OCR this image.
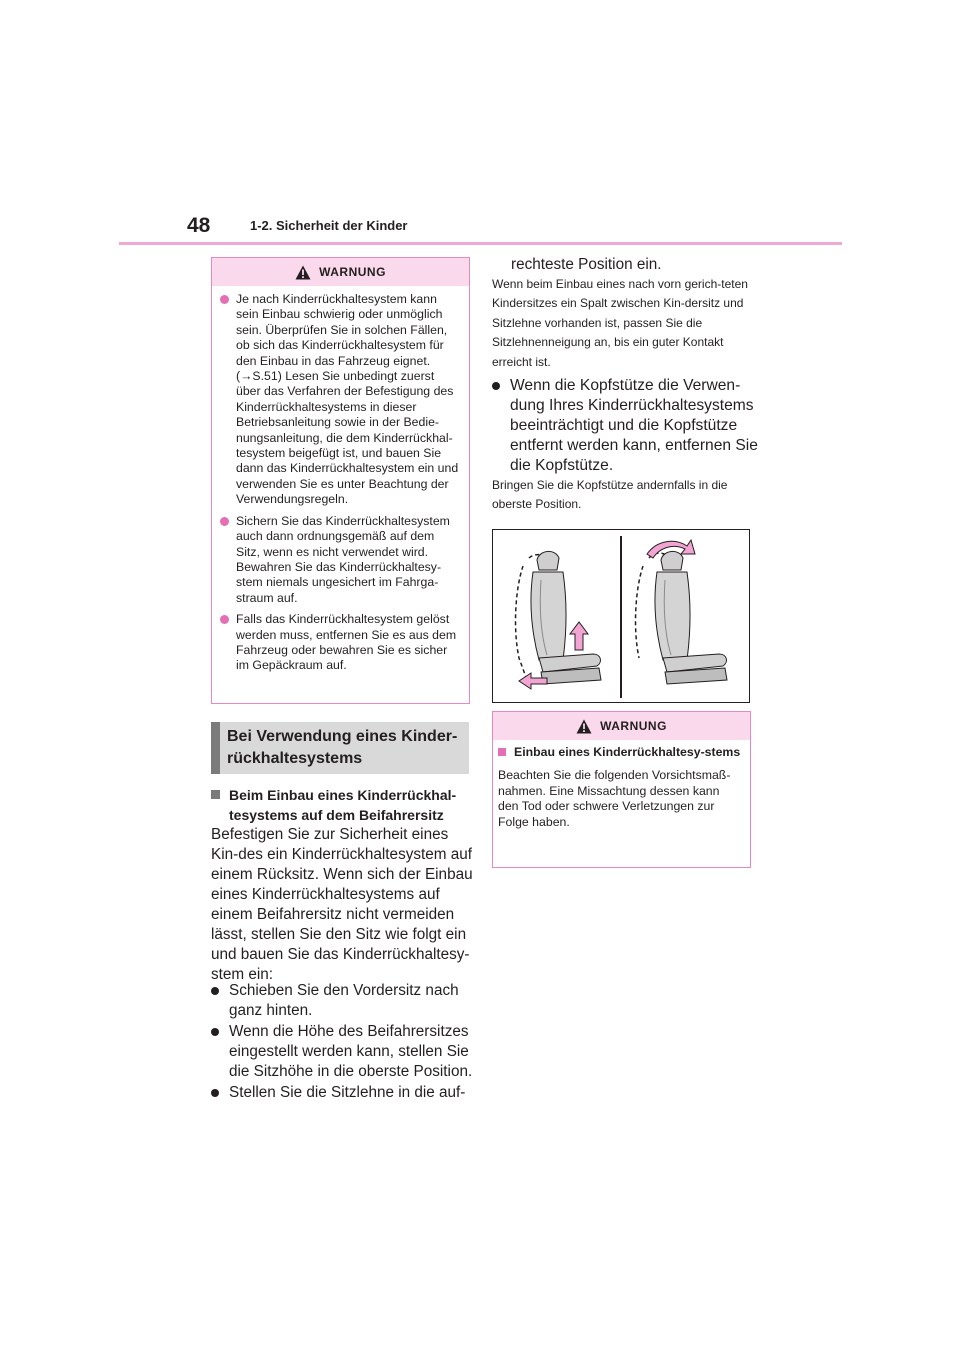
48	1-2. Sicherheit der Kinder
WARNUNG

Je nach Kinderrückhaltesystem kann sein Einbau schwierig oder unmöglich sein. Überprüfen Sie in solchen Fällen, ob sich das Kinderrückhaltesystem für den Einbau in das Fahrzeug eignet. (→S.51) Lesen Sie unbedingt zuerst über das Verfahren der Befestigung des Kinderrückhaltesystems in dieser Betriebsanleitung sowie in der Bedie-nungsanleitung, die dem Kinderrückhal-tesystem beigefügt ist, und bauen Sie dann das Kinderrückhaltesystem ein und verwenden Sie es unter Beachtung der Verwendungsregeln.

Sichern Sie das Kinderrückhaltesystem auch dann ordnungsgemäß auf dem Sitz, wenn es nicht verwendet wird. Bewahren Sie das Kinderrückhaltesy-stem niemals ungesichert im Fahrga-straum auf.

Falls das Kinderrückhaltesystem gelöst werden muss, entfernen Sie es aus dem Fahrzeug oder bewahren Sie es sicher im Gepäckraum auf.

Bei Verwendung eines Kinder-rückhaltesystems
Beim Einbau eines Kinderrückhal-tesystems auf dem Beifahrersitz
Befestigen Sie zur Sicherheit eines Kin-des ein Kinderrückhaltesystem auf einem Rücksitz. Wenn sich der Einbau eines Kinderrückhaltesystems auf einem Beifahrersitz nicht vermeiden lässt, stellen Sie den Sitz wie folgt ein und bauen Sie das Kinderrückhaltesy-stem ein:
Schieben Sie den Vordersitz nach ganz hinten.
Wenn die Höhe des Beifahrersitzes eingestellt werden kann, stellen Sie die Sitzhöhe in die oberste Position.
Stellen Sie die Sitzlehne in die auf-
rechteste Position ein.
Wenn beim Einbau eines nach vorn gerich-teten Kindersitzes ein Spalt zwischen Kin-dersitz und Sitzlehne vorhanden ist, passen Sie die Sitzlehnenneigung an, bis ein guter Kontakt erreicht ist.
Wenn die Kopfstütze die Verwen-dung Ihres Kinderrückhaltesystems beeinträchtigt und die Kopfstütze entfernt werden kann, entfernen Sie die Kopfstütze.
Bringen Sie die Kopfstütze andernfalls in die oberste Position.
WARNUNG

Einbau eines Kinderrückhaltesy-stems

Beachten Sie die folgenden Vorsichtsmaß-nahmen. Eine Missachtung dessen kann den Tod oder schwere Verletzungen zur Folge haben.
